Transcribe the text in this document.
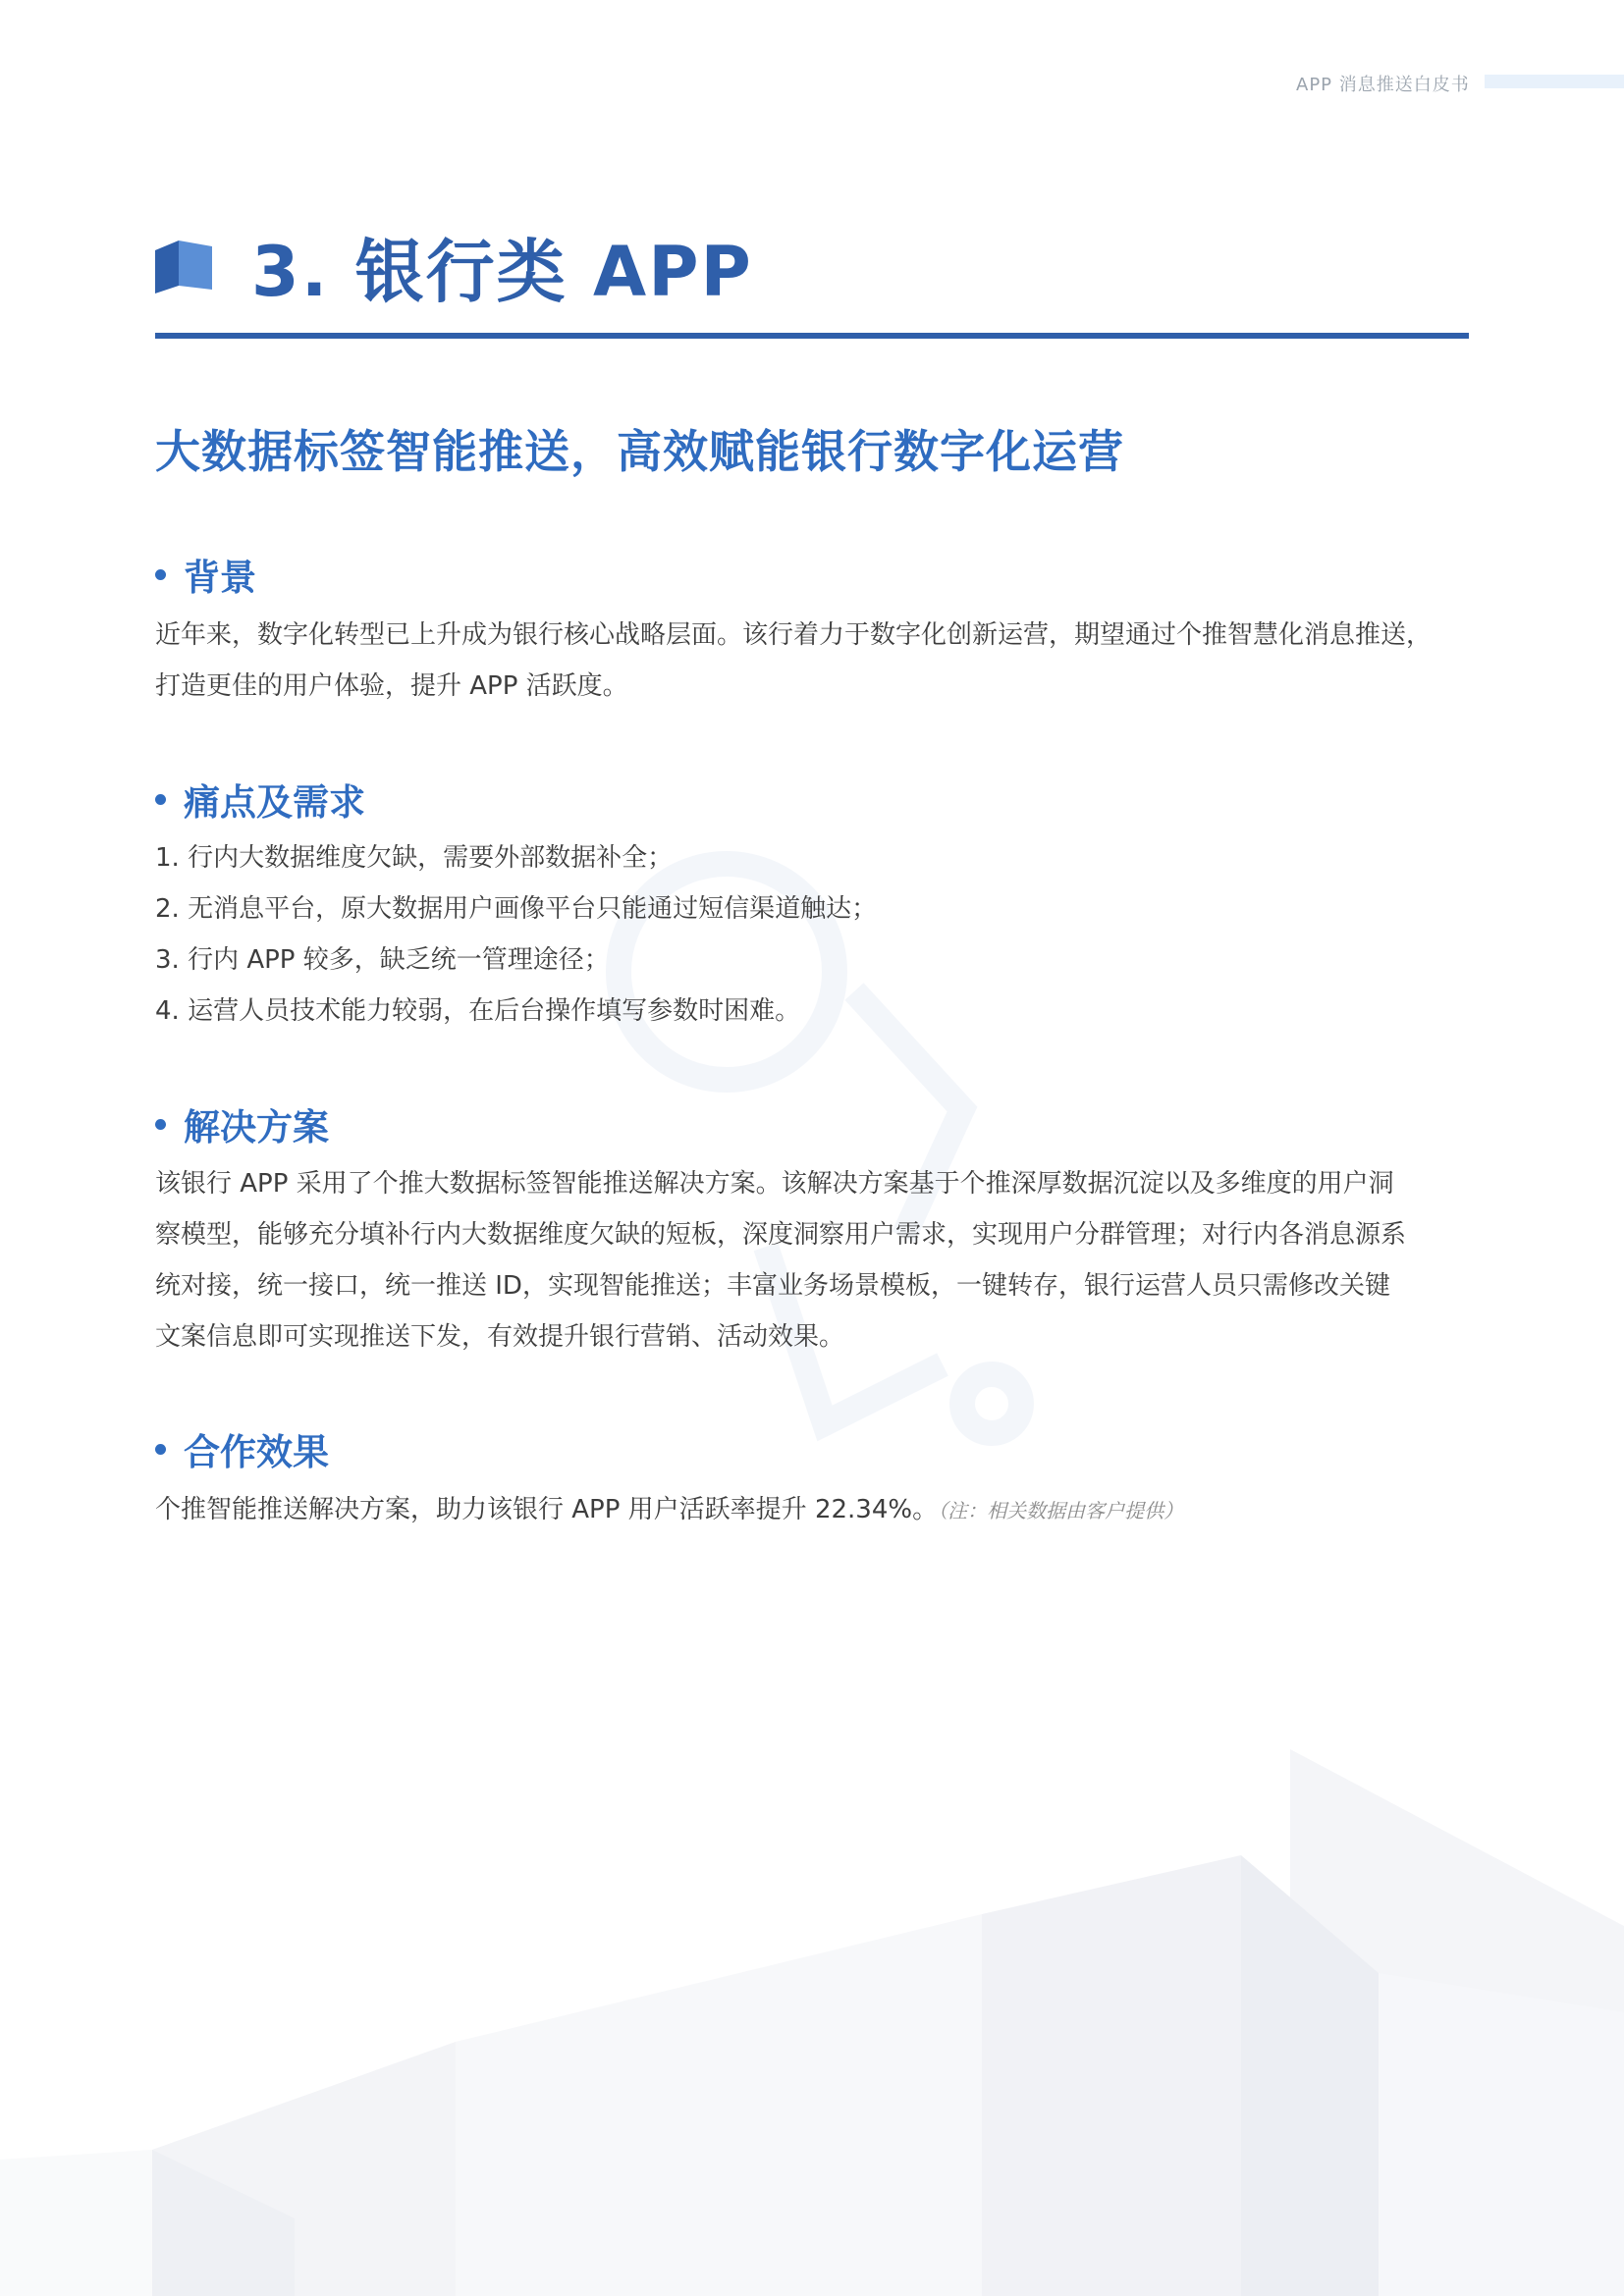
APP 消息推送白皮书
3. 银行类 APP
大数据标签智能推送，高效赋能银行数字化运营
背景

近年来，数字化转型已上升成为银行核心战略层面。该行着力于数字化创新运营，期望通过个推智慧化消息推送，

打造更佳的用户体验，提升 APP 活跃度。

痛点及需求

1. 行内大数据维度欠缺，需要外部数据补全；

2. 无消息平台，原大数据用户画像平台只能通过短信渠道触达；

3. 行内 APP 较多，缺乏统一管理途径；

4. 运营人员技术能力较弱，在后台操作填写参数时困难。

解决方案

该银行 APP 采用了个推大数据标签智能推送解决方案。该解决方案基于个推深厚数据沉淀以及多维度的用户洞

察模型，能够充分填补行内大数据维度欠缺的短板，深度洞察用户需求，实现用户分群管理；对行内各消息源系

统对接，统一接口，统一推送 ID，实现智能推送；丰富业务场景模板，一键转存，银行运营人员只需修改关键

文案信息即可实现推送下发，有效提升银行营销、活动效果。

合作效果

个推智能推送解决方案，助力该银行 APP 用户活跃率提升 22.34%。（注：相关数据由客户提供）
